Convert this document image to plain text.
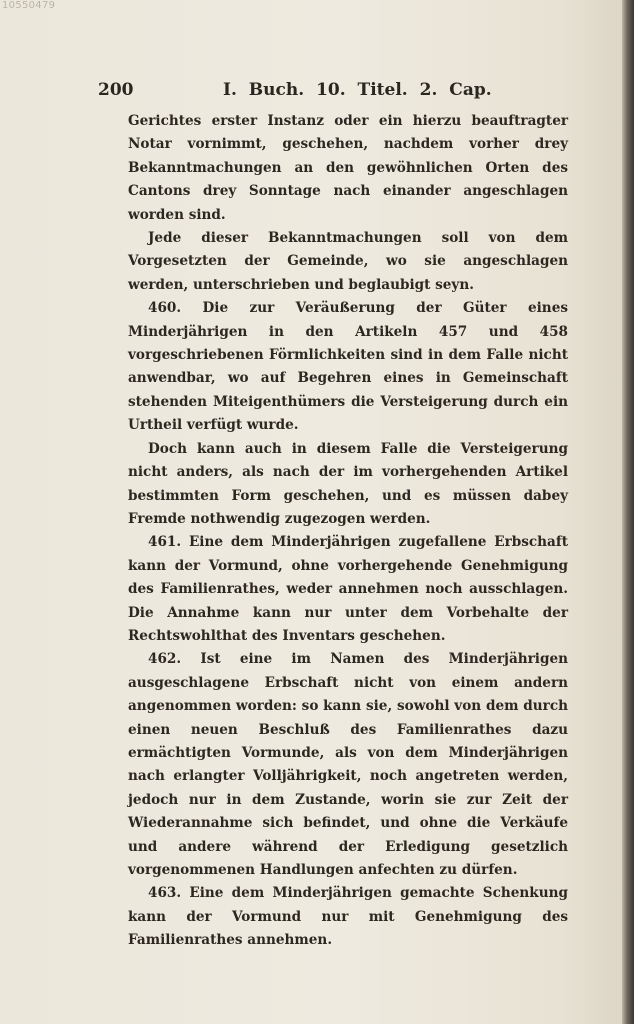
10550479
200	I. Buch. 10. Titel. 2. Cap.

Gerichtes erster Instanz oder ein hierzu beauftragter Notar vornimmt, geschehen, nachdem vorher drey Bekanntmachungen an den gewöhnlichen Orten des Cantons drey Sonntage nach einander angeschlagen worden sind.

Jede dieser Bekanntmachungen soll von dem Vorgesetzten der Gemeinde, wo sie angeschlagen werden, unterschrieben und beglaubigt seyn.

460. Die zur Veräußerung der Güter eines Minderjährigen in den Artikeln 457 und 458 vorgeschriebenen Förmlichkeiten sind in dem Falle nicht anwendbar, wo auf Begehren eines in Gemeinschaft stehenden Miteigenthümers die Versteigerung durch ein Urtheil verfügt wurde.

Doch kann auch in diesem Falle die Versteigerung nicht anders, als nach der im vorhergehenden Artikel bestimmten Form geschehen, und es müssen dabey Fremde nothwendig zugezogen werden.

461. Eine dem Minderjährigen zugefallene Erbschaft kann der Vormund, ohne vorhergehende Genehmigung des Familienrathes, weder annehmen noch ausschlagen. Die Annahme kann nur unter dem Vorbehalte der Rechtswohlthat des Inventars geschehen.

462. Ist eine im Namen des Minderjährigen ausgeschlagene Erbschaft nicht von einem andern angenommen worden: so kann sie, sowohl von dem durch einen neuen Beschluß des Familienrathes dazu ermächtigten Vormunde, als von dem Minderjährigen nach erlangter Volljährigkeit, noch angetreten werden, jedoch nur in dem Zustande, worin sie zur Zeit der Wiederannahme sich befindet, und ohne die Verkäufe und andere während der Erledigung gesetzlich vorgenommenen Handlungen anfechten zu dürfen.

463. Eine dem Minderjährigen gemachte Schenkung kann der Vormund nur mit Genehmigung des Familienrathes annehmen.
